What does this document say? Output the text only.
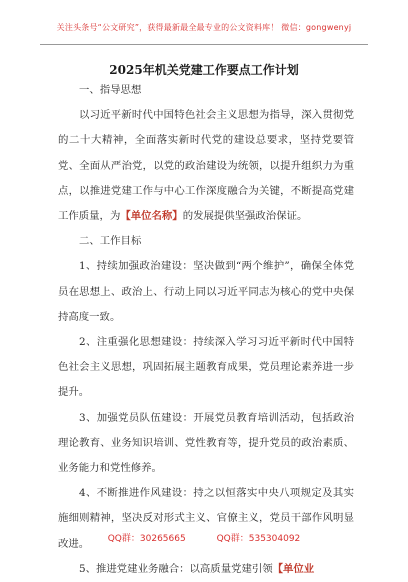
关注头条号“公文研究”，获得最新最全最专业的公文资料库！ 微信：gongwenyj
2025年机关党建工作要点工作计划
一、指导思想
以习近平新时代中国特色社会主义思想为指导，深入贯彻党的二十大精神，全面落实新时代党的建设总要求，坚持党要管党、全面从严治党，以党的政治建设为统领，以提升组织力为重点，以推进党建工作与中心工作深度融合为关键，不断提高党建工作质量，为【单位名称】的发展提供坚强政治保证。
二、工作目标
1、持续加强政治建设：坚决做到“两个维护”，确保全体党员在思想上、政治上、行动上同以习近平同志为核心的党中央保持高度一致。
2、注重强化思想建设：持续深入学习习近平新时代中国特色社会主义思想，巩固拓展主题教育成果，党员理论素养进一步提升。
3、加强党员队伍建设：开展党员教育培训活动，包括政治理论教育、业务知识培训、党性教育等，提升党员的政治素质、业务能力和党性修养。
4、不断推进作风建设：持之以恒落实中央八项规定及其实施细则精神，坚决反对形式主义、官僚主义，党员干部作风明显改进。
5、推进党建业务融合：以高质量党建引领【单位业
QQ群：30265665	QQ群：535304092
